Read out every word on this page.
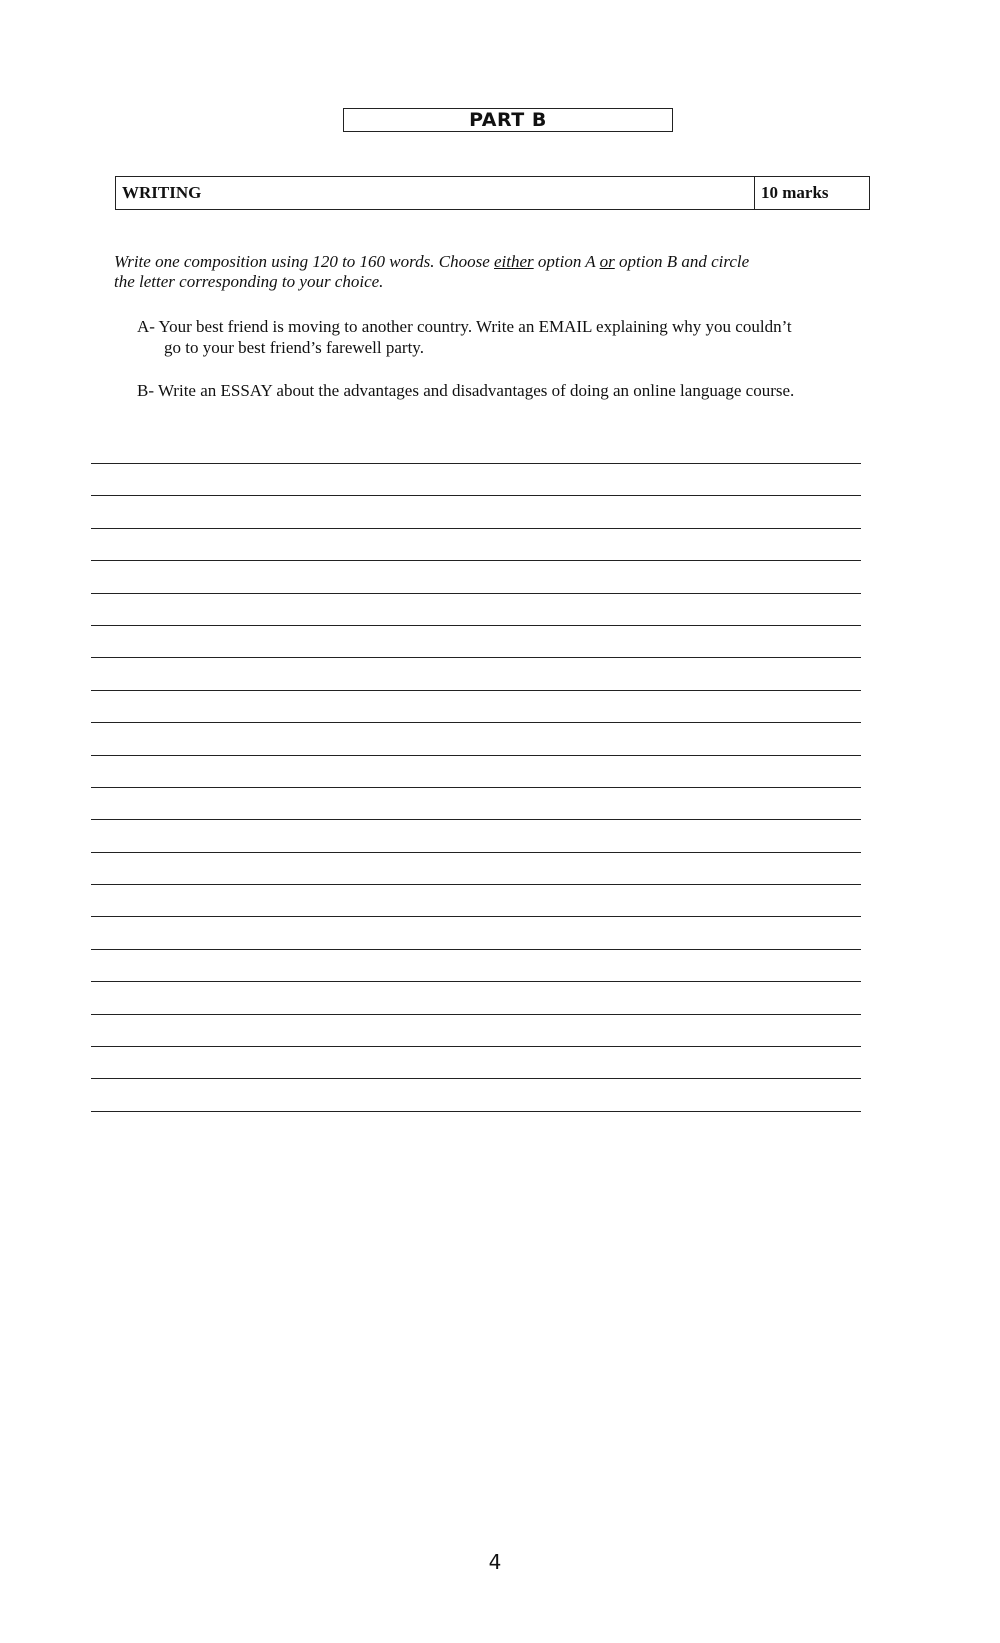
PART B
WRITING	10 marks
Write one composition using 120 to 160 words. Choose either option A or option B and circle
the letter corresponding to your choice.
A- Your best friend is moving to another country. Write an EMAIL explaining why you couldn’t
go to your best friend’s farewell party.
B- Write an ESSAY about the advantages and disadvantages of doing an online language course.
4
